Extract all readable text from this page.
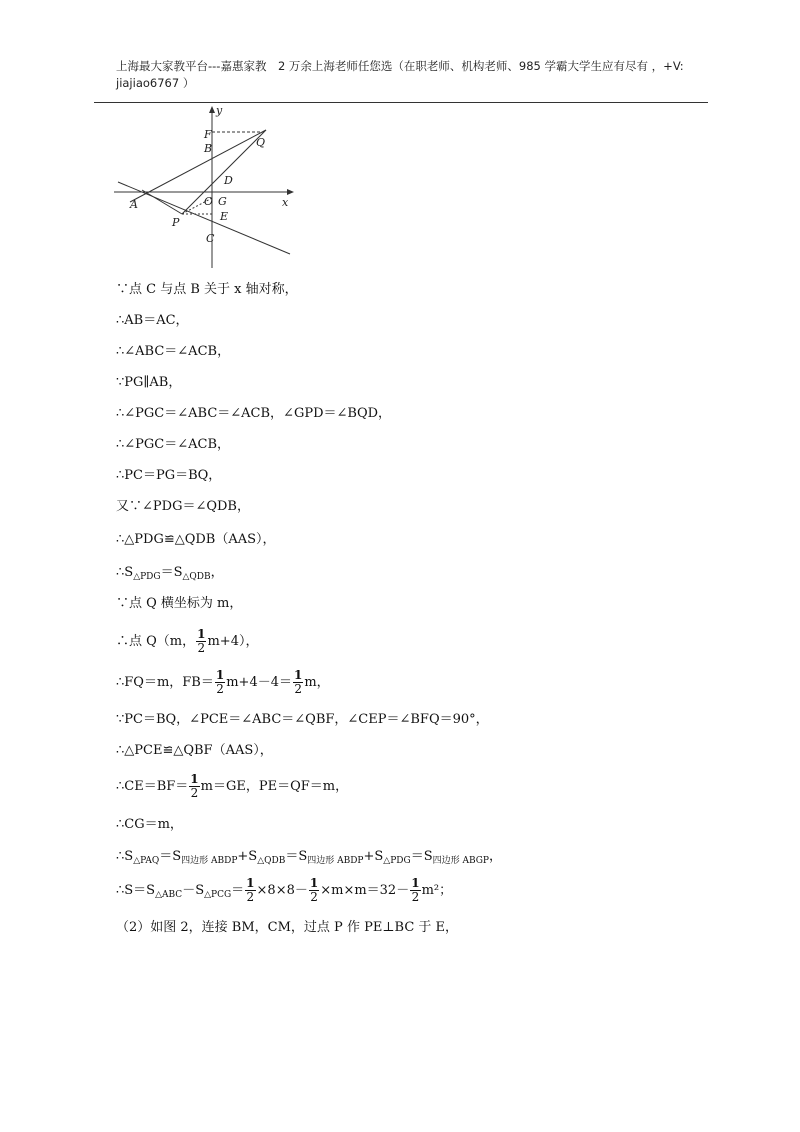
上海最大家教平台---嘉惠家教　2 万余上海老师任您选（在职老师、机构老师、985 学霸大学生应有尽有 ，+V:
jiajiao6767 ）
y
x
F
B	Q
D
A	O G
P	E
C
∵点 C 与点 B 关于 x 轴对称，
∴AB＝AC，
∴∠ABC＝∠ACB，
∵PG∥AB，
∴∠PGC＝∠ABC＝∠ACB，∠GPD＝∠BQD，
∴∠PGC＝∠ACB，
∴PC＝PG＝BQ，
又∵∠PDG＝∠QDB，
∴△PDG≌△QDB（AAS），
$\therefore S_{\triangle PDG}=S_{\triangle QDB}$，
∵点 Q 横坐标为 m，
∴点 Q（m， $\frac{1}{2} m+4$），
∴FQ＝m，$FB= \frac{1}{2} m+4-4= \frac{1}{2}$ m，
∵PC＝BQ，∠PCE＝∠ABC＝∠QBF，∠CEP＝∠BFQ＝90°，
∴△PCE≌△QBF（AAS），
∴CE＝BF＝ $\frac{1}{2} m=GE$，PE＝QF＝m，
∴CG＝m，
$\therefore S_{\triangle PAQ}=S_{四边形 ABDP}+S_{\triangle QDB}=S_{四边形 ABDP}+S_{\triangle PDG}=S_{四边形 ABGP}$，
$\therefore S=S_{\triangle ABC}-S_{\triangle PCG}= \frac{1}{2} \times 8\times 8- \frac{1}{2} \times m\times m=32- \frac{1}{2} m^2$；
（2）如图 2，连接 BM，CM，过点 P 作 PE⊥BC 于 E，
